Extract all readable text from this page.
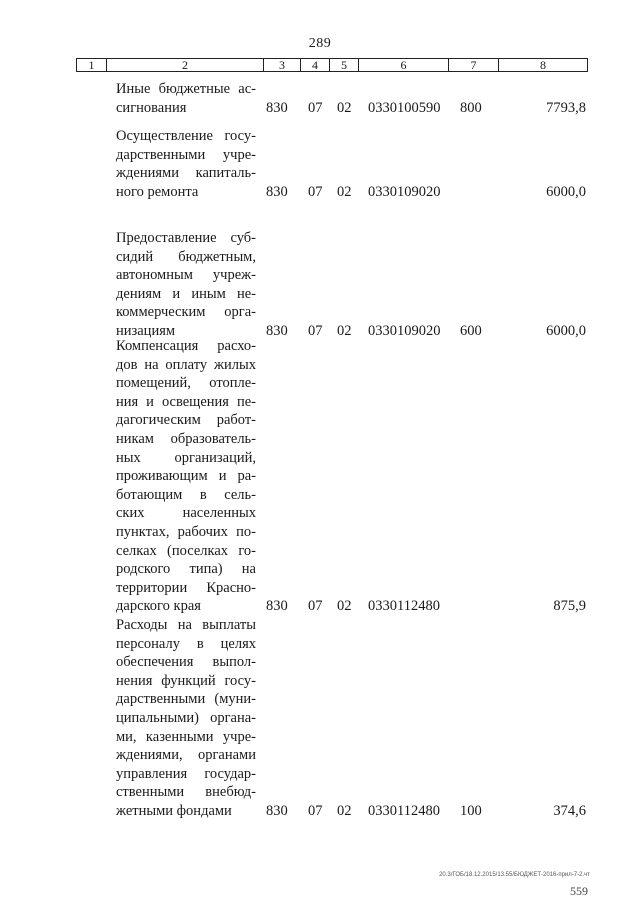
289
1	2	3	4	5	6	7	8
Иные бюджетные ас-
сигнования	830 07 02 0330100590 800	7793,8
Осуществление госу-
дарственными учре-
ждениями капиталь-
ного ремонта	830 07 02 0330109020	6000,0
Предоставление суб-
сидий бюджетным,
автономным учреж-
дениям и иным не-
коммерческим орга-
низациям	830 07 02 0330109020 600	6000,0
Компенсация расхо-
дов на оплату жилых
помещений, отопле-
ния и освещения пе-
дагогическим работ-
никам образователь-
ных организаций,
проживающим и ра-
ботающим в сель-
ских населенных
пунктах, рабочих по-
селках (поселках го-
родского типа) на
территории Красно-
дарского края	830 07 02 0330112480	875,9
Расходы на выплаты
персоналу в целях
обеспечения выпол-
нения функций госу-
дарственными (муни-
ципальными) органа-
ми, казенными учре-
ждениями, органами
управления государ-
ственными внебюд-
жетными фондами	830 07 02 0330112480 100	374,6
20.3/ГОБ/18.12.2015/13.55/БЮДЖЕТ-2016-прил-7-2.чт
559
